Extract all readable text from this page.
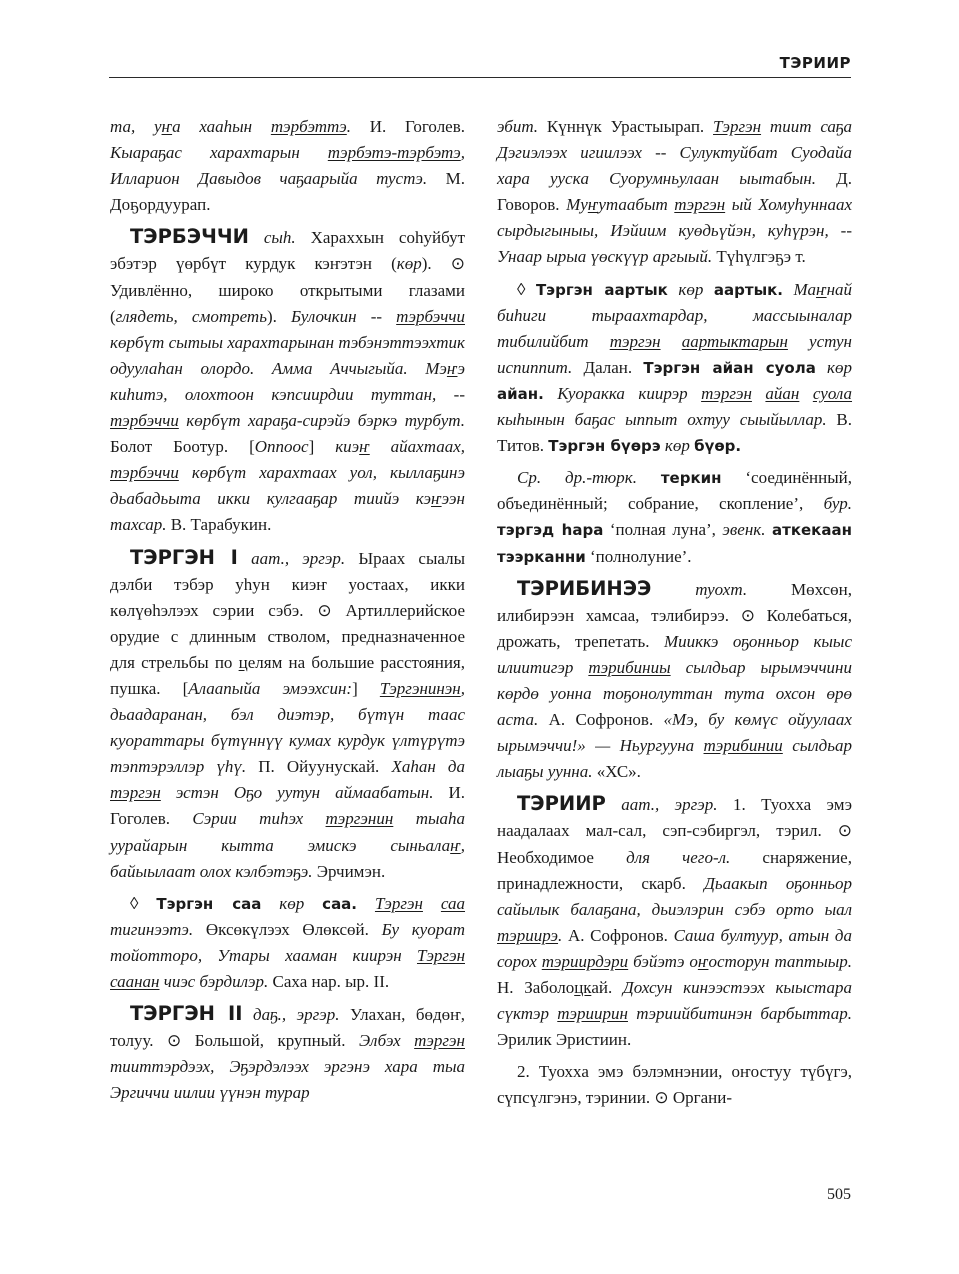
ТЭРИИР

та, уҥа хааһын тэрбэттэ. И. Гоголев. Кыараҕас харахтарын тэрбэтэ-тэрбэтэ, Илларион Давыдов чаҕаарыйа тустэ. М. Доҕордуурап.

ТЭРБЭЧЧИ сыһ. Хараххын соһуйбут эбэтэр үөрбүт курдук кэҥэтэн (көр). ⊙ Удивлённо, широко открытыми глазами (глядеть, смотреть). Булочкин -- тэрбэччи көрбүт сытыы харахтарынан тэбэнэттээхтик одуулаһан олордо. Амма Аччыгыйа. Мэҥэ киһитэ, олохтоон кэпсиирдии туттан, -- тэрбэччи көрбүт хараҕа-сирэйэ бэркэ турбут. Болот Боотур. [Оппоос] киэҥ айахтаах, тэрбэччи көрбүт харахтаах уол, кыллаҕинэ дьабадьыта икки кулгааҕар тиийэ кэҥээн тахсар. В. Тарабукин.

ТЭРГЭН I аат., эргэр. Ыраах сыалы дэлби тэбэр уһун киэҥ уостаах, икки көлүөһэлээх сэрии сэбэ. ⊙ Артиллерийское орудие с длинным стволом, предназначенное для стрельбы по целям на большие расстояния, пушка. [Алаапыйа эмээхсин:] Тэргэнинэн, дьаадаранан, бэл диэтэр, бүтүн таас куораттары бүтүннүү кумах курдук үлтүрүтэ тэптэрэллэр үһү. П. Ойуунускай. Хаһан да тэргэн эстэн Оҕо уутун аймаабатын. И. Гоголев. Сэрии тиһэх тэргэнин тыаһа уурайарын кытта эмискэ сыньалаҥ, байыылаат олох кэлбэтэҕэ. Эрчимэн.

◊ Тэргэн саа көр саа. Тэргэн саа тигинээтэ. Өксөкүлээх Өлөксөй. Бу куорат тойотторо, Утары хааман киирэн Тэргэн саанан чиэс бэрдилэр. Саха нар. ыр. II.

ТЭРГЭН II даҕ., эргэр. Улахан, бөдөҥ, толуу. ⊙ Большой, крупный. Элбэх тэргэн тииттэрдээх, Эҕэрдэлээх эргэнэ хара тыа Эргиччи иилии үүнэн турар

эбит. Күннүк Урастыырап. Тэргэн тиит саҕа Дэгиэлээх игиилээх -- Сулуктуйбат Суодайа хара уускa Суорумньулаан ыытабын. Д. Говоров. Муҥутаабыт тэргэн ый Хомуһуннаах сырдыгыныы, Иэйиим куөдьүйэн, куһүрэн, -- Унаар ырыа үөскүүр аргыый. Түһүлгэҕэ т.

◊ Тэргэн аартык көр аартык. Маҥнай биһиги тыраахтардар, массыыналар тибилийбит тэргэн аартыктарын устун испиппит. Далан. Тэргэн айан суола көр айан. Куоракка киирэр тэргэн айан суола кыһынын баҕас ыппыт охтуу сыыйыллар. В. Титов. Тэргэн бүөрэ көр бүөр.

Ср. др.-тюрк. теркин ‘соединённый, объединённый; собрание, скопление’, бур. тэргэд һара ‘полная луна’, эвенк. аткекаан тээрканни ‘полнолуние’.

ТЭРИБИНЭЭ туохт. Мөхсөн, илибирээн хамсаа, тэлибирээ. ⊙ Колебаться, дрожать, трепетать. Мииккэ оҕонньор кыыс илиитигэр тэрибиниы сылдьар ырымэччини көрдө уонна тоҕонолуттан тута охсон өрө аста. А. Софронов. «Мэ, бу көмүс ойуулаах ырымэччи!» — Ньургууна тэрибинии сылдьар лыаҕы уунна. «ХС».

ТЭРИИР аат., эргэр. 1. Туохха эмэ наадалаах мал-сал, сэп-сэбиргэл, тэрил. ⊙ Необходимое для чего-л. снаряжение, принадлежности, скарб. Дьаакып оҕонньор сайылык балаҕана, дьиэлэрин сэбэ орто ыал тэриирэ. А. Софронов. Саша бултуур, атын да сорох тэриирдэри бэйэтэ оҥосторун таптыыр. Н. Заболоцкай. Дохсун кинээстээх кыыстара сүктэр тэриирин тэриийбитинэн барбыттар. Эрилик Эристиин.

2. Туохха эмэ бэлэмнэнии, оҥостуу түбүгэ, сүпсүлгэнэ, тэринии. ⊙ Органи-

505
